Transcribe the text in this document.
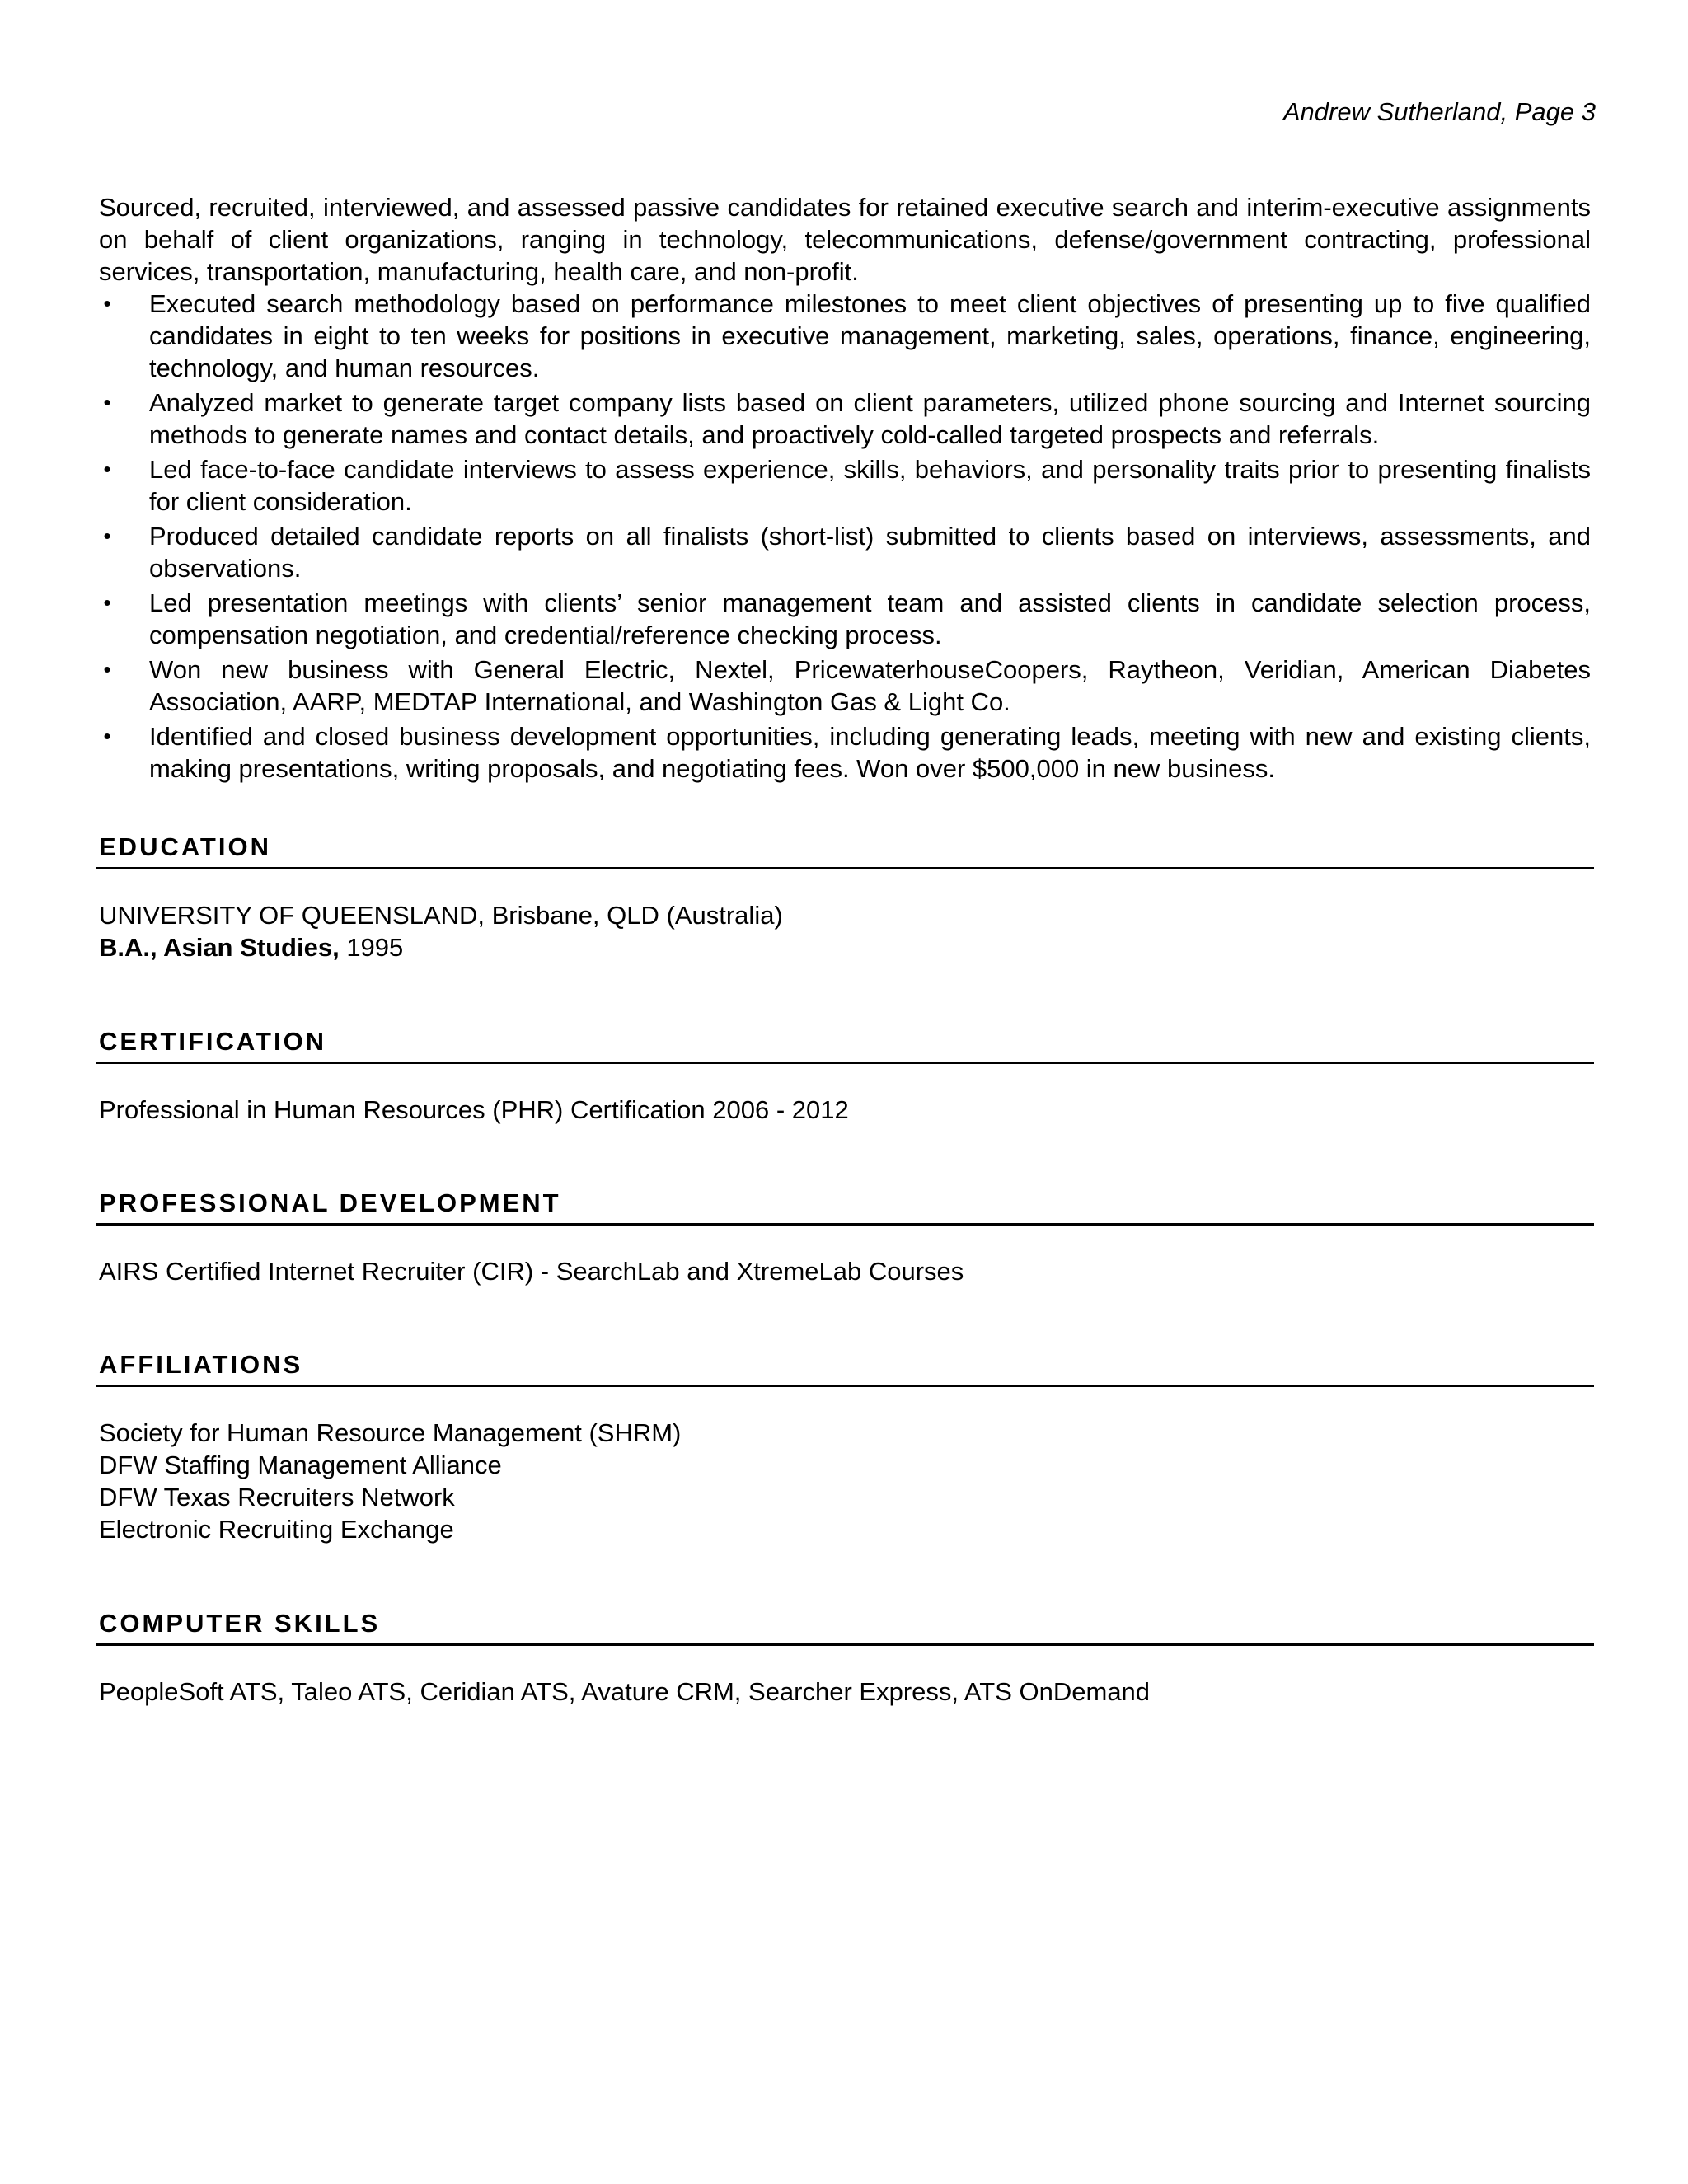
Andrew Sutherland, Page 3

Sourced, recruited, interviewed, and assessed passive candidates for retained executive search and interim-executive assignments on behalf of client organizations, ranging in technology, telecommunications, defense/government contracting, professional services, transportation, manufacturing, health care, and non-profit.

• Executed search methodology based on performance milestones to meet client objectives of presenting up to five qualified candidates in eight to ten weeks for positions in executive management, marketing, sales, operations, finance, engineering, technology, and human resources.
• Analyzed market to generate target company lists based on client parameters, utilized phone sourcing and Internet sourcing methods to generate names and contact details, and proactively cold-called targeted prospects and referrals.
• Led face-to-face candidate interviews to assess experience, skills, behaviors, and personality traits prior to presenting finalists for client consideration.
• Produced detailed candidate reports on all finalists (short-list) submitted to clients based on interviews, assessments, and observations.
• Led presentation meetings with clients’ senior management team and assisted clients in candidate selection process, compensation negotiation, and credential/reference checking process.
• Won new business with General Electric, Nextel, PricewaterhouseCoopers, Raytheon, Veridian, American Diabetes Association, AARP, MEDTAP International, and Washington Gas & Light Co.
• Identified and closed business development opportunities, including generating leads, meeting with new and existing clients, making presentations, writing proposals, and negotiating fees. Won over $500,000 in new business.
EDUCATION
UNIVERSITY OF QUEENSLAND, Brisbane, QLD (Australia)
B.A., Asian Studies, 1995
CERTIFICATION
Professional in Human Resources (PHR) Certification 2006 - 2012
PROFESSIONAL DEVELOPMENT
AIRS Certified Internet Recruiter (CIR) - SearchLab and XtremeLab Courses
AFFILIATIONS
Society for Human Resource Management (SHRM)
DFW Staffing Management Alliance
DFW Texas Recruiters Network
Electronic Recruiting Exchange
COMPUTER SKILLS
PeopleSoft ATS, Taleo ATS, Ceridian ATS, Avature CRM, Searcher Express, ATS OnDemand
